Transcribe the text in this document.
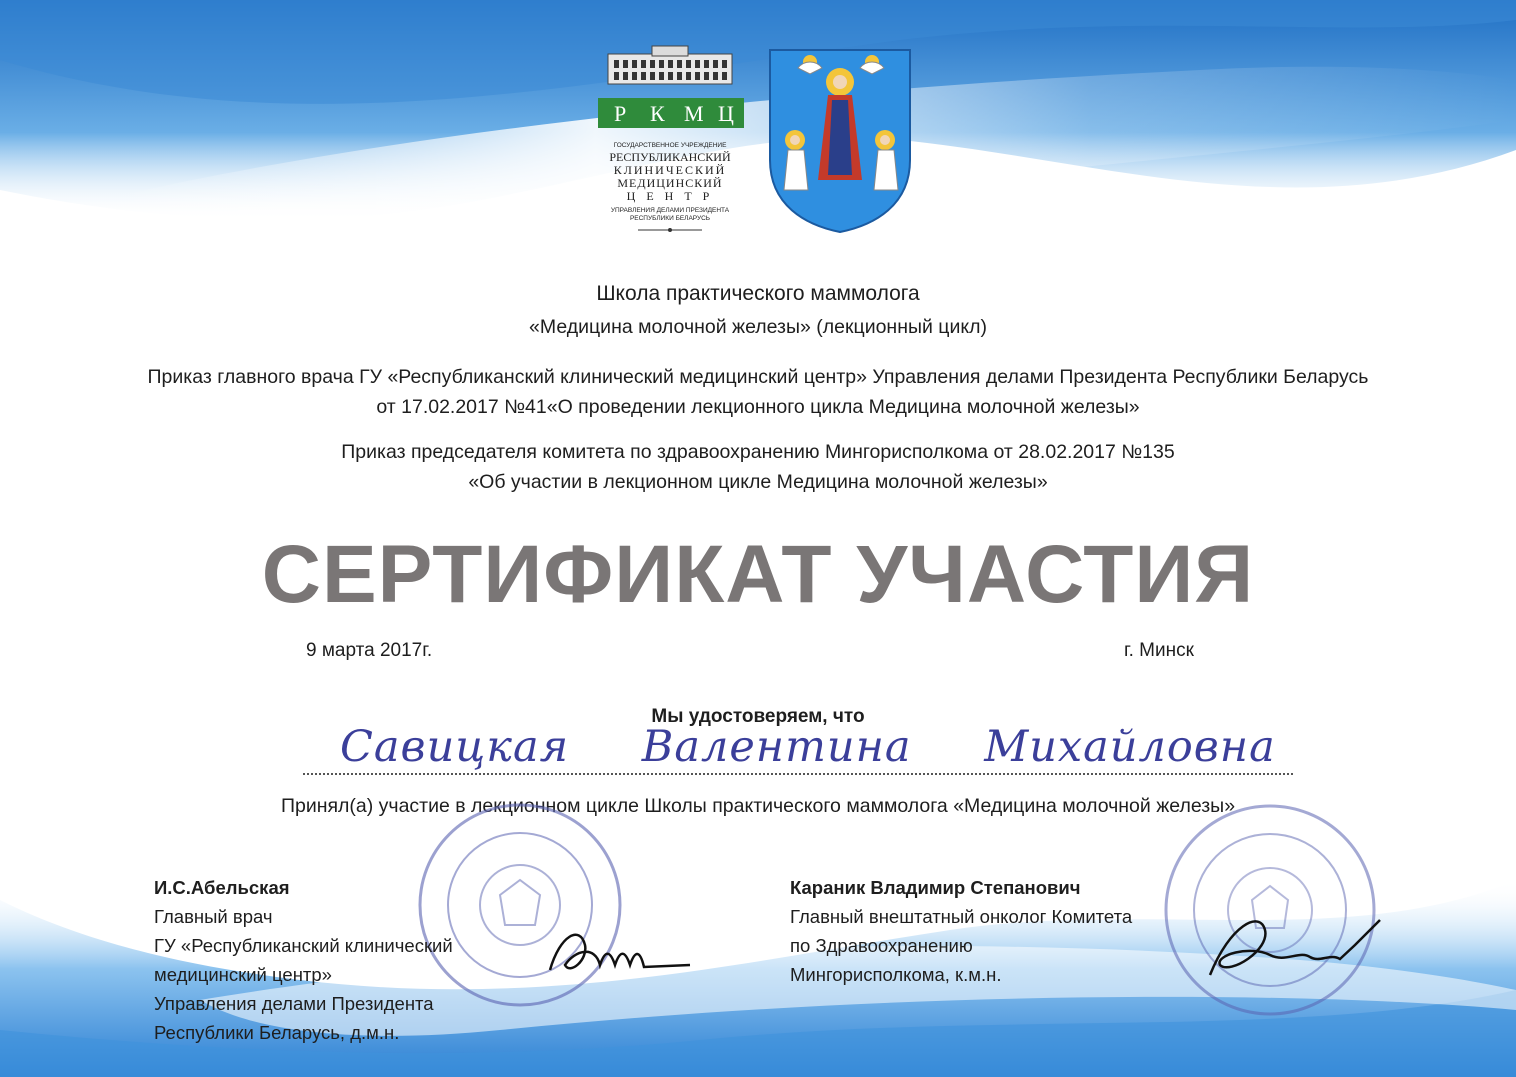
Р К М Ц
ГОСУДАРСТВЕННОЕ УЧРЕЖДЕНИЕ
РЕСПУБЛИКАНСКИЙ
КЛИНИЧЕСКИЙ
МЕДИЦИНСКИЙ
Ц Е Н Т Р
УПРАВЛЕНИЯ ДЕЛАМИ ПРЕЗИДЕНТА
РЕСПУБЛИКИ БЕЛАРУСЬ
Школа практического маммолога
«Медицина молочной железы» (лекционный цикл)
Приказ главного врача ГУ «Республиканский клинический медицинский центр» Управления делами Президента Республики Беларусь
от 17.02.2017 №41«О проведении лекционного цикла Медицина молочной железы»
Приказ председателя комитета по здравоохранению Мингорисполкома от 28.02.2017 №135
«Об участии в лекционном цикле Медицина молочной железы»
СЕРТИФИКАТ УЧАСТИЯ
9 марта 2017г.	г. Минск
Мы удостоверяем, что
Савицкая Валентина Михайловна
Принял(а) участие в лекционном цикле Школы практического маммолога «Медицина молочной железы»
И.С.Абельская
Главный врач
ГУ «Республиканский клинический
медицинский центр»
Управления делами Президента
Республики Беларусь, д.м.н.
Караник Владимир Степанович
Главный внештатный онколог Комитета
по Здравоохранению
Мингорисполкома, к.м.н.
